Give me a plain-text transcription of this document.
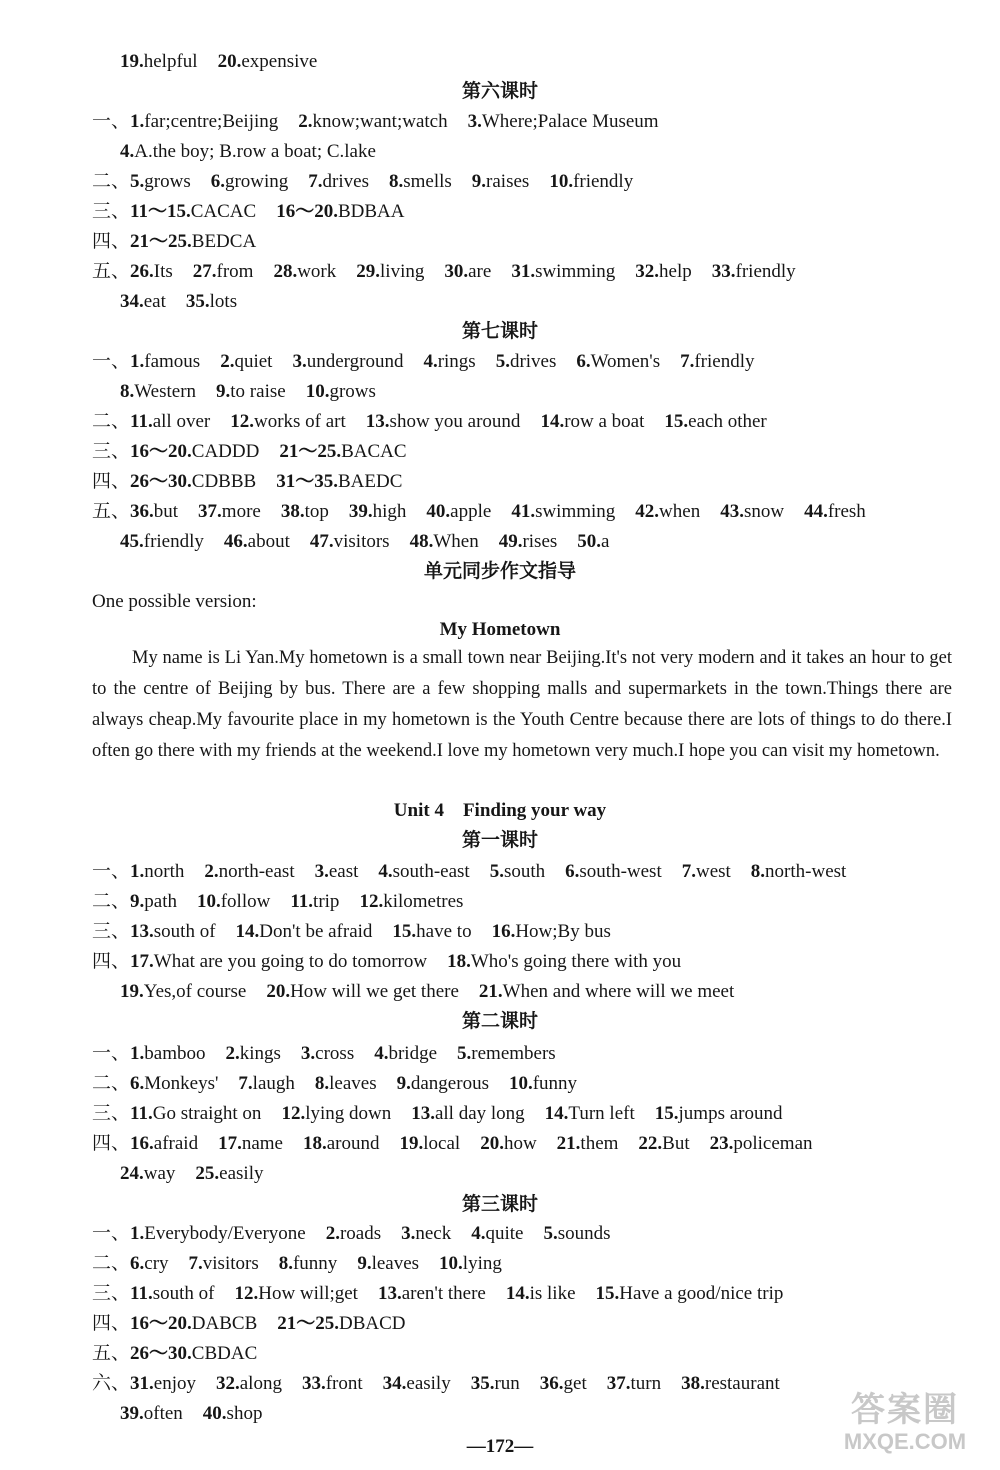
19.helpful 20.expensive
第六课时
一、1.far;centre;Beijing 2.know;want;watch 3.Where;Palace Museum
4.A.the boy; B.row a boat; C.lake
二、5.grows 6.growing 7.drives 8.smells 9.raises 10.friendly
三、11～15.CACAC 16～20.BDBAA
四、21～25.BEDCA
五、26.Its 27.from 28.work 29.living 30.are 31.swimming 32.help 33.friendly
34.eat 35.lots
第七课时
一、1.famous 2.quiet 3.underground 4.rings 5.drives 6.Women's 7.friendly
8.Western 9.to raise 10.grows
二、11.all over 12.works of art 13.show you around 14.row a boat 15.each other
三、16～20.CADDD 21～25.BACAC
四、26～30.CDBBB 31～35.BAEDC
五、36.but 37.more 38.top 39.high 40.apple 41.swimming 42.when 43.snow 44.fresh
45.friendly 46.about 47.visitors 48.When 49.rises 50.a
单元同步作文指导
One possible version:
My Hometown
My name is Li Yan.My hometown is a small town near Beijing.It's not very modern and it takes an hour to get to the centre of Beijing by bus. There are a few shopping malls and supermarkets in the town.Things there are always cheap.My favourite place in my hometown is the Youth Centre because there are lots of things to do there.I often go there with my friends at the weekend.I love my hometown very much.I hope you can visit my hometown.
Unit 4    Finding your way
第一课时
一、1.north 2.north-east 3.east 4.south-east 5.south 6.south-west 7.west 8.north-west
二、9.path 10.follow 11.trip 12.kilometres
三、13.south of 14.Don't be afraid 15.have to 16.How;By bus
四、17.What are you going to do tomorrow 18.Who's going there with you
19.Yes,of course 20.How will we get there 21.When and where will we meet
第二课时
一、1.bamboo 2.kings 3.cross 4.bridge 5.remembers
二、6.Monkeys' 7.laugh 8.leaves 9.dangerous 10.funny
三、11.Go straight on 12.lying down 13.all day long 14.Turn left 15.jumps around
四、16.afraid 17.name 18.around 19.local 20.how 21.them 22.But 23.policeman
24.way 25.easily
第三课时
一、1.Everybody/Everyone 2.roads 3.neck 4.quite 5.sounds
二、6.cry 7.visitors 8.funny 9.leaves 10.lying
三、11.south of 12.How will;get 13.aren't there 14.is like 15.Have a good/nice trip
四、16～20.DABCB 21～25.DBACD
五、26～30.CBDAC
六、31.enjoy 32.along 33.front 34.easily 35.run 36.get 37.turn 38.restaurant
39.often 40.shop
—172—
答案圈
MXQE.COM
